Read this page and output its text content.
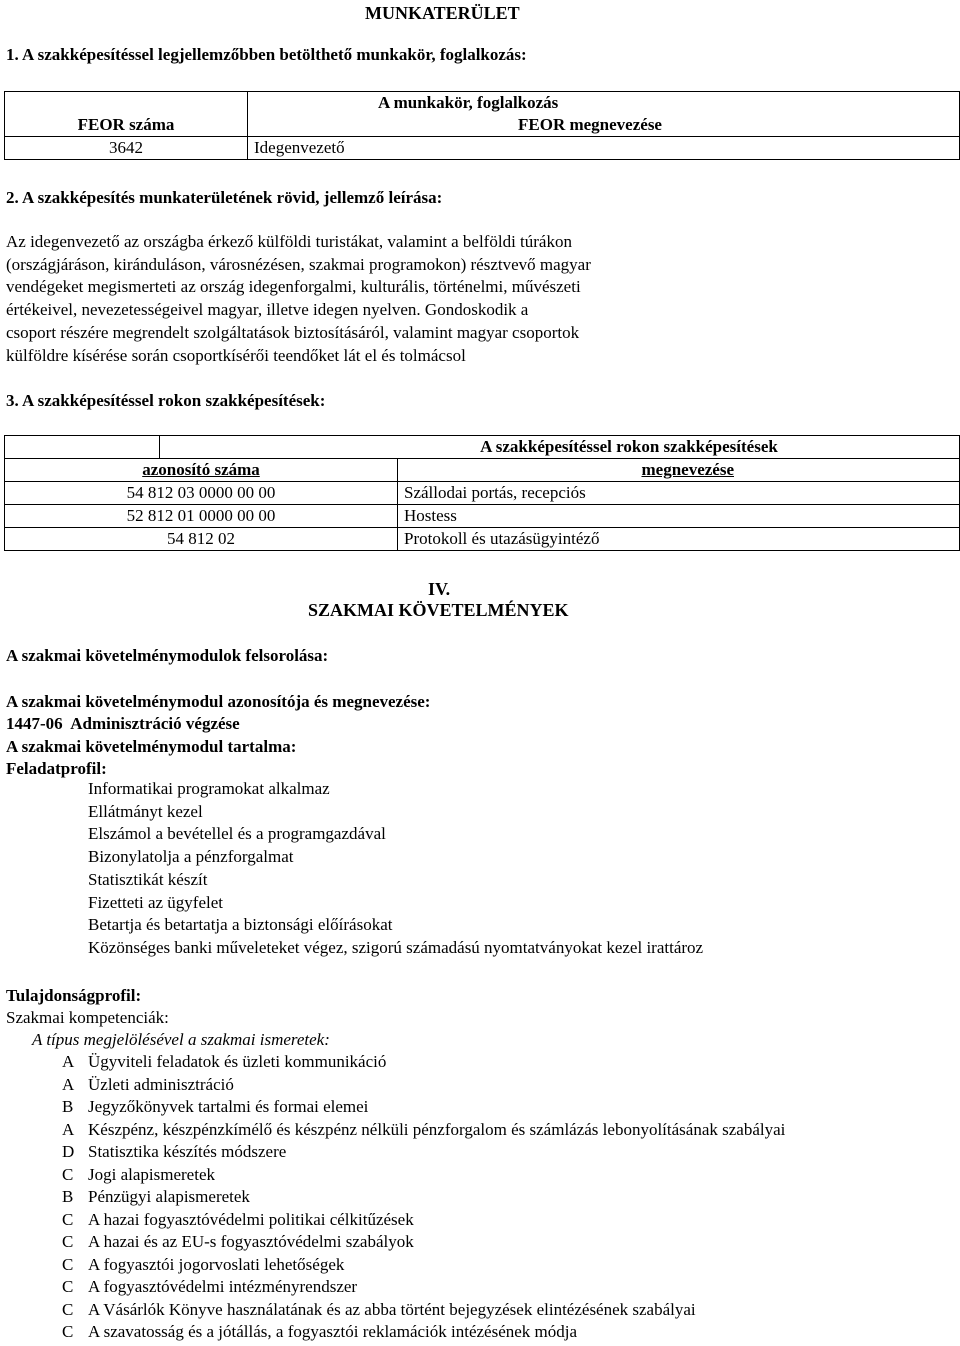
MUNKATERÜLET
1. A szakképesítéssel legjellemzőbben betölthető munkakör, foglalkozás:
	A munkakör, foglalkozás
FEOR száma	FEOR megnevezése
3642	Idegenvezető
2. A szakképesítés munkaterületének rövid, jellemző leírása:
Az idegenvezető az országba érkező külföldi turistákat, valamint a belföldi túrákon
(országjáráson, kiránduláson, városnézésen, szakmai programokon) résztvevő magyar
vendégeket megismerteti az ország idegenforgalmi, kulturális, történelmi, művészeti
értékeivel, nevezetességeivel magyar, illetve idegen nyelven. Gondoskodik a
csoport részére megrendelt szolgáltatások biztosításáról, valamint magyar csoportok
külföldre kísérése során csoportkísérői teendőket lát el és tolmácsol
3. A szakképesítéssel rokon szakképesítések:

A szakképesítéssel rokon szakképesítések	
azonosító száma	megnevezése
54 812 03 0000 00 00	Szállodai portás, recepciós
52 812 01 0000 00 00	Hostess
54 812 02	Protokoll és utazásügyintéző
IV.
SZAKMAI KÖVETELMÉNYEK
A szakmai követelménymodulok felsorolása:
A szakmai követelménymodul azonosítója és megnevezése:
1447-06  Adminisztráció végzése
A szakmai követelménymodul tartalma:
Feladatprofil:
Informatikai programokat alkalmaz
Ellátmányt kezel
Elszámol a bevétellel és a programgazdával
Bizonylatolja a pénzforgalmat
Statisztikát készít
Fizetteti az ügyfelet
Betartja és betartatja a biztonsági előírásokat
Közönséges banki műveleteket végez, szigorú számadású nyomtatványokat kezel irattároz
Tulajdonságprofil:
Szakmai kompetenciák:
A típus megjelölésével a szakmai ismeretek:
A Ügyviteli feladatok és üzleti kommunikáció
A Üzleti adminisztráció
B Jegyzőkönyvek tartalmi és formai elemei
A Készpénz, készpénzkímélő és készpénz nélküli pénzforgalom és számlázás lebonyolításának szabályai
D Statisztika készítés módszere
C Jogi alapismeretek
B Pénzügyi alapismeretek
C A hazai fogyasztóvédelmi politikai célkitűzések
C A hazai és az EU-s fogyasztóvédelmi szabályok
C A fogyasztói jogorvoslati lehetőségek
C A fogyasztóvédelmi intézményrendszer
C A Vásárlók Könyve használatának és az abba történt bejegyzések elintézésének szabályai
C A szavatosság és a jótállás, a fogyasztói reklamációk intézésének módja
